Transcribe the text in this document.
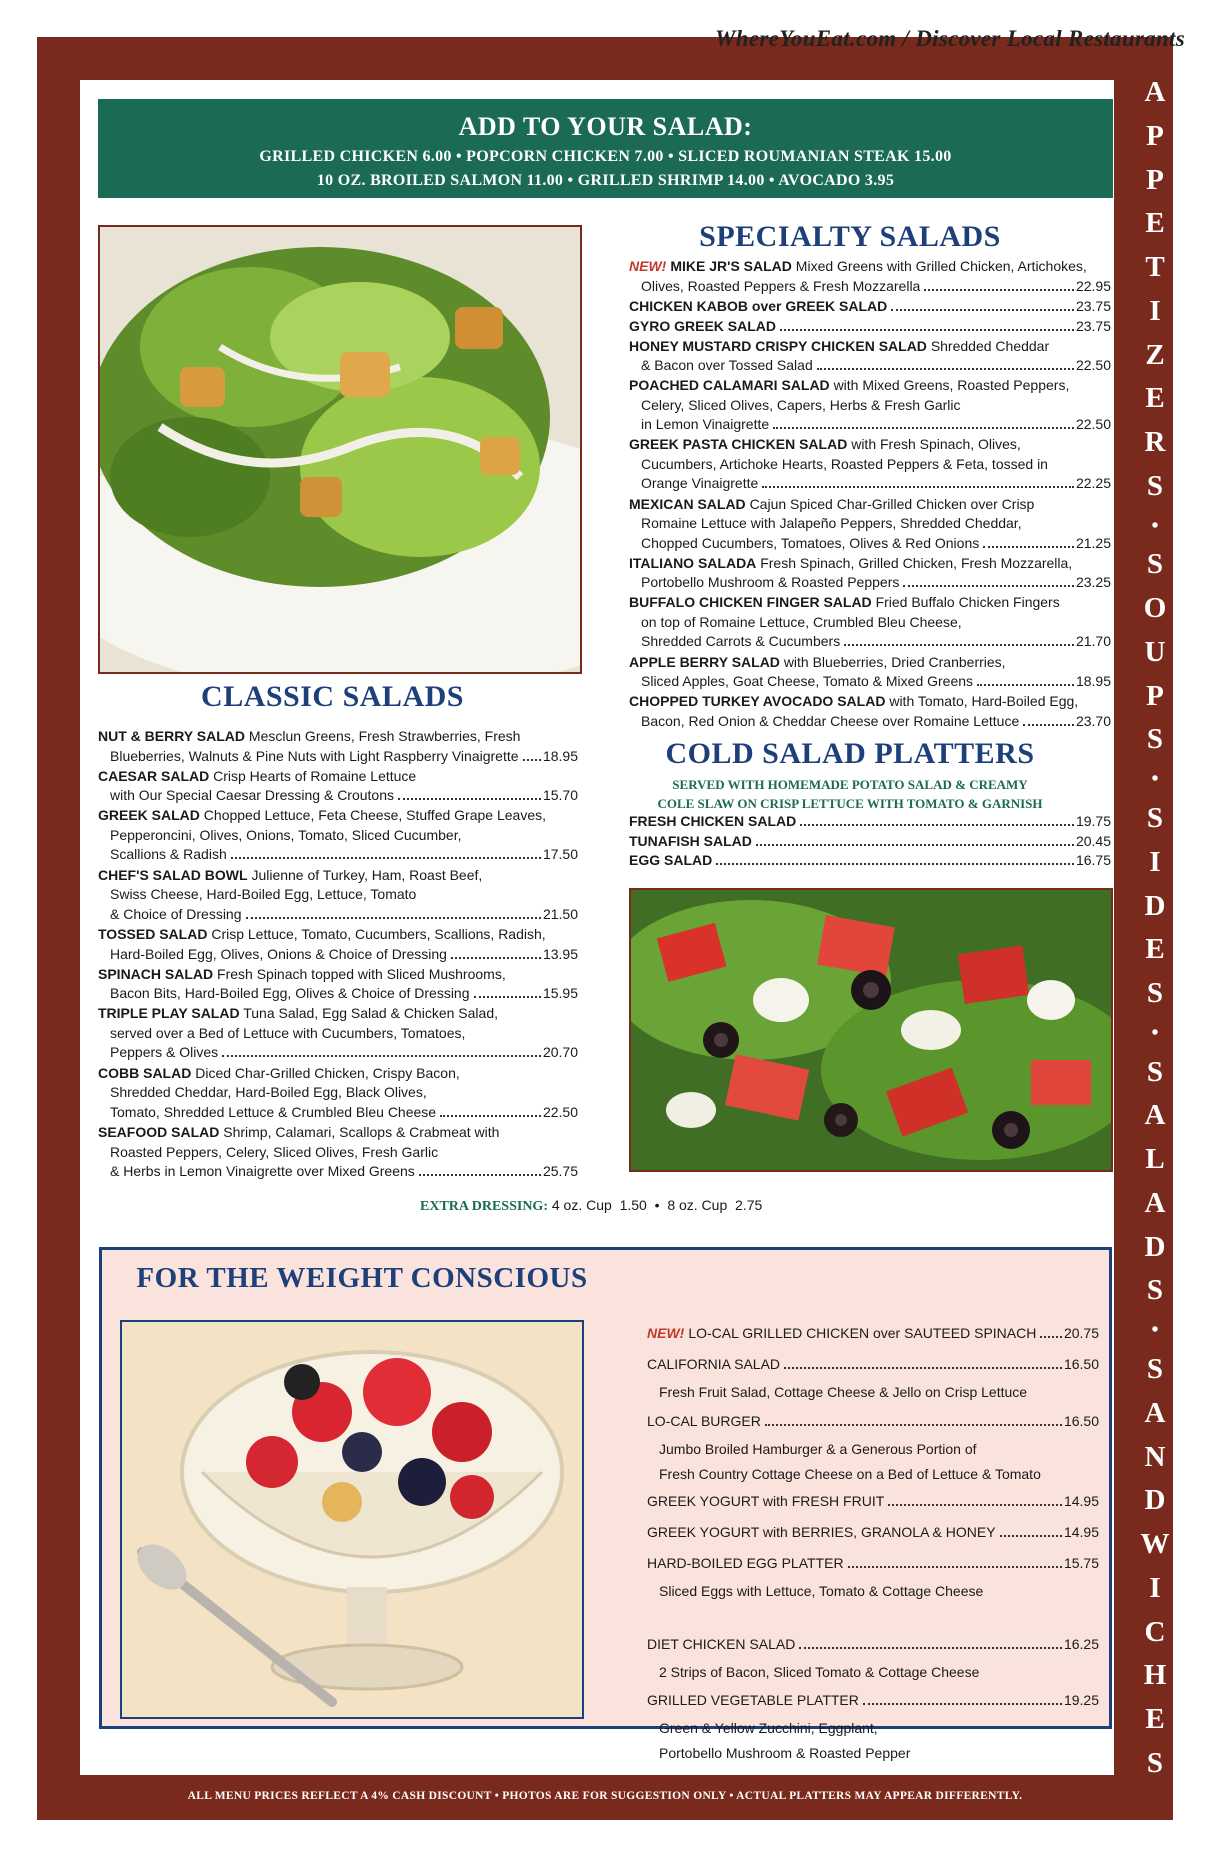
WhereYouEat.com / Discover Local Restaurants
A
P
P
E
T
I
Z
E
R
S
•
S
O
U
P
S
•
S
I
D
E
S
•
S
A
L
A
D
S
•
S
A
N
D
W
I
C
H
E
S
ADD TO YOUR SALAD:
GRILLED CHICKEN 6.00 • POPCORN CHICKEN 7.00 • SLICED ROUMANIAN STEAK 15.00
10 OZ. BROILED SALMON 11.00 • GRILLED SHRIMP 14.00 • AVOCADO 3.95
CLASSIC SALADS
NUT & BERRY SALAD Mesclun Greens, Fresh Strawberries, Fresh
Blueberries, Walnuts & Pine Nuts with Light Raspberry Vinaigrette 18.95
CAESAR SALAD Crisp Hearts of Romaine Lettuce
with Our Special Caesar Dressing & Croutons	15.70
GREEK SALAD Chopped Lettuce, Feta Cheese, Stuffed Grape Leaves,
Pepperoncini, Olives, Onions, Tomato, Sliced Cucumber,
Scallions & Radish	17.50
CHEF'S SALAD BOWL Julienne of Turkey, Ham, Roast Beef,
Swiss Cheese, Hard-Boiled Egg, Lettuce, Tomato
& Choice of Dressing	21.50
TOSSED SALAD Crisp Lettuce, Tomato, Cucumbers, Scallions, Radish,
Hard-Boiled Egg, Olives, Onions & Choice of Dressing	13.95
SPINACH SALAD Fresh Spinach topped with Sliced Mushrooms,
Bacon Bits, Hard-Boiled Egg, Olives & Choice of Dressing	15.95
TRIPLE PLAY SALAD Tuna Salad, Egg Salad & Chicken Salad,
served over a Bed of Lettuce with Cucumbers, Tomatoes,
Peppers & Olives	20.70
COBB SALAD Diced Char-Grilled Chicken, Crispy Bacon,
Shredded Cheddar, Hard-Boiled Egg, Black Olives,
Tomato, Shredded Lettuce & Crumbled Bleu Cheese	22.50
SEAFOOD SALAD Shrimp, Calamari, Scallops & Crabmeat with
Roasted Peppers, Celery, Sliced Olives, Fresh Garlic
& Herbs in Lemon Vinaigrette over Mixed Greens	25.75
SPECIALTY SALADS
NEW! MIKE JR'S SALAD Mixed Greens with Grilled Chicken, Artichokes,
Olives, Roasted Peppers & Fresh Mozzarella	22.95
CHICKEN KABOB over GREEK SALAD	23.75
GYRO GREEK SALAD	23.75
HONEY MUSTARD CRISPY CHICKEN SALAD Shredded Cheddar
& Bacon over Tossed Salad	22.50
POACHED CALAMARI SALAD with Mixed Greens, Roasted Peppers,
Celery, Sliced Olives, Capers, Herbs & Fresh Garlic
in Lemon Vinaigrette	22.50
GREEK PASTA CHICKEN SALAD with Fresh Spinach, Olives,
Cucumbers, Artichoke Hearts, Roasted Peppers & Feta, tossed in
Orange Vinaigrette	22.25
MEXICAN SALAD Cajun Spiced Char-Grilled Chicken over Crisp
Romaine Lettuce with Jalapeño Peppers, Shredded Cheddar,
Chopped Cucumbers, Tomatoes, Olives & Red Onions	21.25
ITALIANO SALADA Fresh Spinach, Grilled Chicken, Fresh Mozzarella,
Portobello Mushroom & Roasted Peppers	23.25
BUFFALO CHICKEN FINGER SALAD Fried Buffalo Chicken Fingers
on top of Romaine Lettuce, Crumbled Bleu Cheese,
Shredded Carrots & Cucumbers	21.70
APPLE BERRY SALAD with Blueberries, Dried Cranberries,
Sliced Apples, Goat Cheese, Tomato & Mixed Greens	18.95
CHOPPED TURKEY AVOCADO SALAD with Tomato, Hard-Boiled Egg,
Bacon, Red Onion & Cheddar Cheese over Romaine Lettuce	23.70
COLD SALAD PLATTERS
SERVED WITH HOMEMADE POTATO SALAD & CREAMY
COLE SLAW ON CRISP LETTUCE WITH TOMATO & GARNISH
FRESH CHICKEN SALAD	19.75
TUNAFISH SALAD	20.45
EGG SALAD	16.75
EXTRA DRESSING: 4 oz. Cup 1.50  •  8 oz. Cup 2.75
FOR THE WEIGHT CONSCIOUS
NEW! LO-CAL GRILLED CHICKEN over SAUTEED SPINACH 20.75
CALIFORNIA SALAD	16.50
Fresh Fruit Salad, Cottage Cheese & Jello on Crisp Lettuce
LO-CAL BURGER	16.50
Jumbo Broiled Hamburger & a Generous Portion of
Fresh Country Cottage Cheese on a Bed of Lettuce & Tomato
GREEK YOGURT with FRESH FRUIT	14.95
GREEK YOGURT with BERRIES, GRANOLA & HONEY	14.95
HARD-BOILED EGG PLATTER	15.75
Sliced Eggs with Lettuce, Tomato & Cottage Cheese
DIET CHICKEN SALAD	16.25
2 Strips of Bacon, Sliced Tomato & Cottage Cheese
GRILLED VEGETABLE PLATTER	19.25
Green & Yellow Zucchini, Eggplant,
Portobello Mushroom & Roasted Pepper
ALL MENU PRICES REFLECT A 4% CASH DISCOUNT • PHOTOS ARE FOR SUGGESTION ONLY • ACTUAL PLATTERS MAY APPEAR DIFFERENTLY.
